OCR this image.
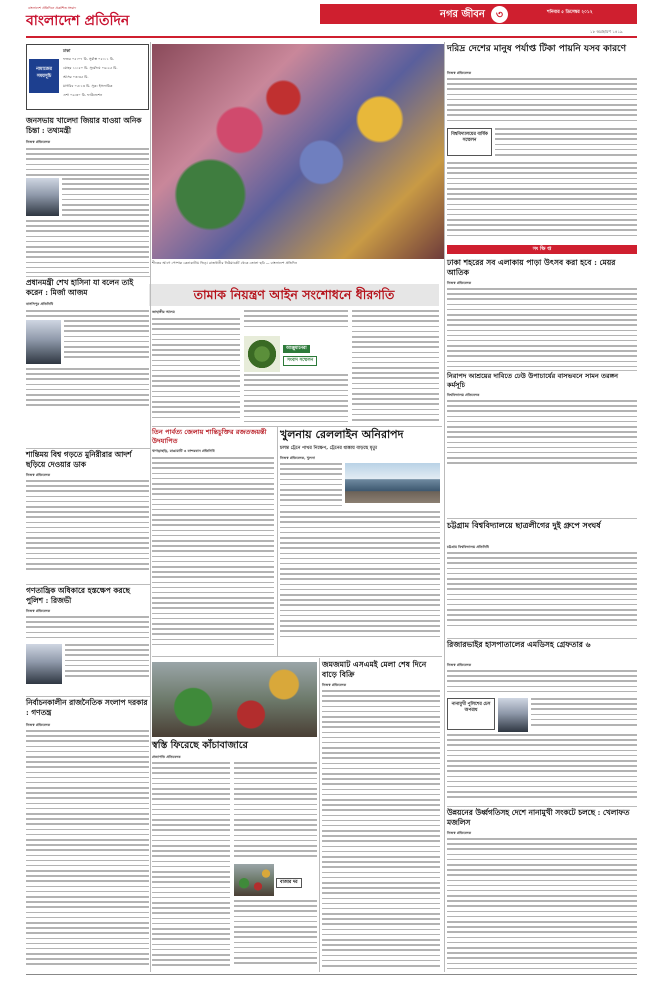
বাংলাদেশ প্রতিদিনে প্রকাশিত সংবাদ
বাংলাদেশ প্রতিদিন	নগর জীবন	৩	শনিবার ৫ ডিসেম্বর ২০১২
১৮ অগ্রহায়ণ ১৪১৯
নামাজের
সময়সূচি
ঢাকা
ফজর ০৫:০৭ মি. সূর্যাস্ত ০৫:১১ মি.
যোহর ১১:৫০ মি. সূর্যোদয় ০৬:২৫ মি.
আসর ০৩:৩৫ মি.
মাগরিব ০৫:১৩ মি. সূত্র: ইসলামিক
এশা ০৬:৩০ মি. ফাউন্ডেশন
জনসভায় খালেদা জিয়ার যাওয়া অনিক চিন্তা : তথ্যমন্ত্রী
নিজস্ব প্রতিবেদক
শীতের আগে পোশাক কেনাকাটায় ভিড়। রাজধানীর নিউমার্কেট থেকে তোলা ছবি — বাংলাদেশ প্রতিদিন
দরিদ্র দেশের মানুষ পর্যাপ্ত টিকা পায়নি যসব কারণে
নিজস্ব প্রতিবেদক
বিশ্ববিদ্যালয়ের বার্ষিক সম্মেলন
সং ক্ষি প্ত
প্রধানমন্ত্রী শেখ হাসিনা যা বলেন তাই করেন : মির্জা আজম
বাসসিপুর প্রতিনিধি
তামাক নিয়ন্ত্রণ আইন সংশোধনে ধীরগতি
জাহাঙ্গীর আলম
আঞ্জুমানেরা
সংবাদ সম্মেলন
ঢাকা শহরের সব এলাকায় পাড়া উৎসব করা হবে : মেয়র আতিক
নিজস্ব প্রতিবেদক
নিরাপদ আশ্রয়ের দাবিতে ঢেউ উপাচার্যের বাসভবনে সামন তরঙ্গন কর্মসূচি
বিশ্ববিদ্যালয় প্রতিবেদক
শান্তিময় বিশ্ব গড়তে মুনিরীরার আদর্শ ছড়িয়ে দেওয়ার ডাক
নিজস্ব প্রতিবেদক
তিন পার্বত্য জেলায় শান্তিচুক্তির রজতজয়ন্তী উদযাপিত
খাগড়াছড়ি, রাঙামাটি ও বান্দরবান প্রতিনিধি
খুলনায় রেললাইন অনিরাপদ
চলন্ত ট্রেনে পাথর নিক্ষেপ, ট্রেনের ধাক্কায় বাড়ছে মৃত্যু
নিজস্ব প্রতিবেদক, খুলনা
চট্টগ্রাম বিশ্ববিদ্যালয়ে ছাত্রলীগের দুই গ্রুপে সংঘর্ষ
চট্টগ্রাম বিশ্ববিদ্যালয় প্রতিনিধি
গণতান্ত্রিক অধিকারে হস্তক্ষেপ করছে পুলিশ : রিজভী
নিজস্ব প্রতিবেদক
স্বস্তি ফিরেছে কাঁচাবাজারে
প্রজাপতি প্রতিবেদক
বাজার দর
জমজমাট এসএমই মেলা শেষ দিনে বাড়ে বিক্রি
নিজস্ব প্রতিবেদক
নির্বাচনকালীন রাজনৈতিক সংলাপ দরকার : গণতন্ত্র
নিজস্ব প্রতিবেদক
রিজারভাইর হাসপাতালের এমডিসহ গ্রেফতার ৬
নিজস্ব প্রতিবেদক
নানামুখী পুলিশের চেস অপরাধ
উন্নয়নের উর্ধ্বগতিসহ দেশে নানামুখী সংকটে চলছে : খেলাফত মজলিস
নিজস্ব প্রতিবেদক
